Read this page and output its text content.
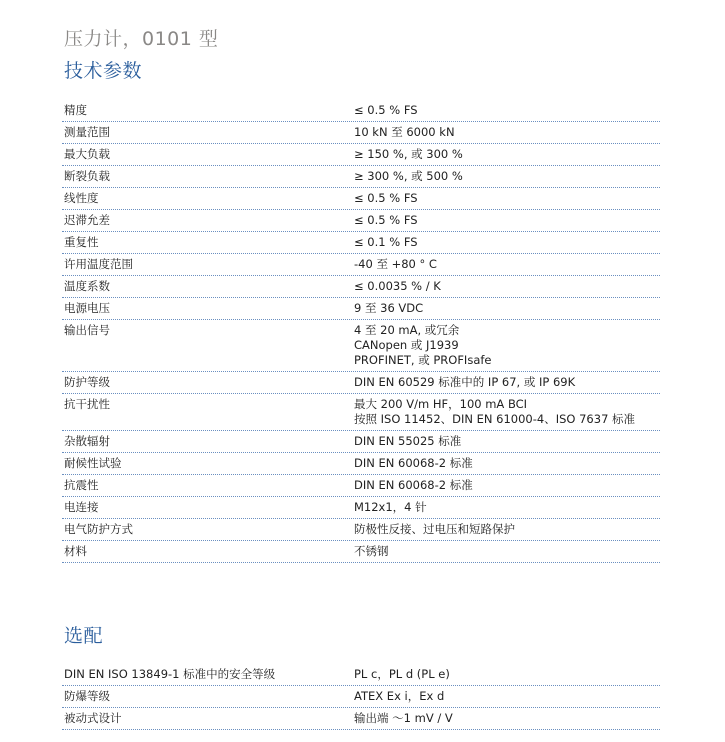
压力计，0101 型
技术参数
精度	≤ 0.5 % FS
测量范围	10 kN 至 6000 kN
最大负载	≥ 150 %, 或 300 %
断裂负载	≥ 300 %, 或 500 %
线性度	≤ 0.5 % FS
迟滞允差	≤ 0.5 % FS
重复性	≤ 0.1 % FS
许用温度范围	-40 至 +80 ° C
温度系数	≤ 0.0035 % / K
电源电压	9 至 36 VDC
输出信号	4 至 20 mA, 或冗余
CANopen 或 J1939
PROFINET, 或 PROFIsafe
防护等级	DIN EN 60529 标准中的 IP 67, 或 IP 69K
抗干扰性	最大 200 V/m HF，100 mA BCI
按照 ISO 11452、DIN EN 61000-4、ISO 7637 标准
杂散辐射	DIN EN 55025 标准
耐候性试验	DIN EN 60068-2 标准
抗震性	DIN EN 60068-2 标准
电连接	M12x1，4 针
电气防护方式	防极性反接、过电压和短路保护
材料	不锈钢
选配
DIN EN ISO 13849-1 标准中的安全等级	PL c，PL d (PL e)
防爆等级	ATEX Ex i，Ex d
被动式设计	输出端 ～1 mV / V
